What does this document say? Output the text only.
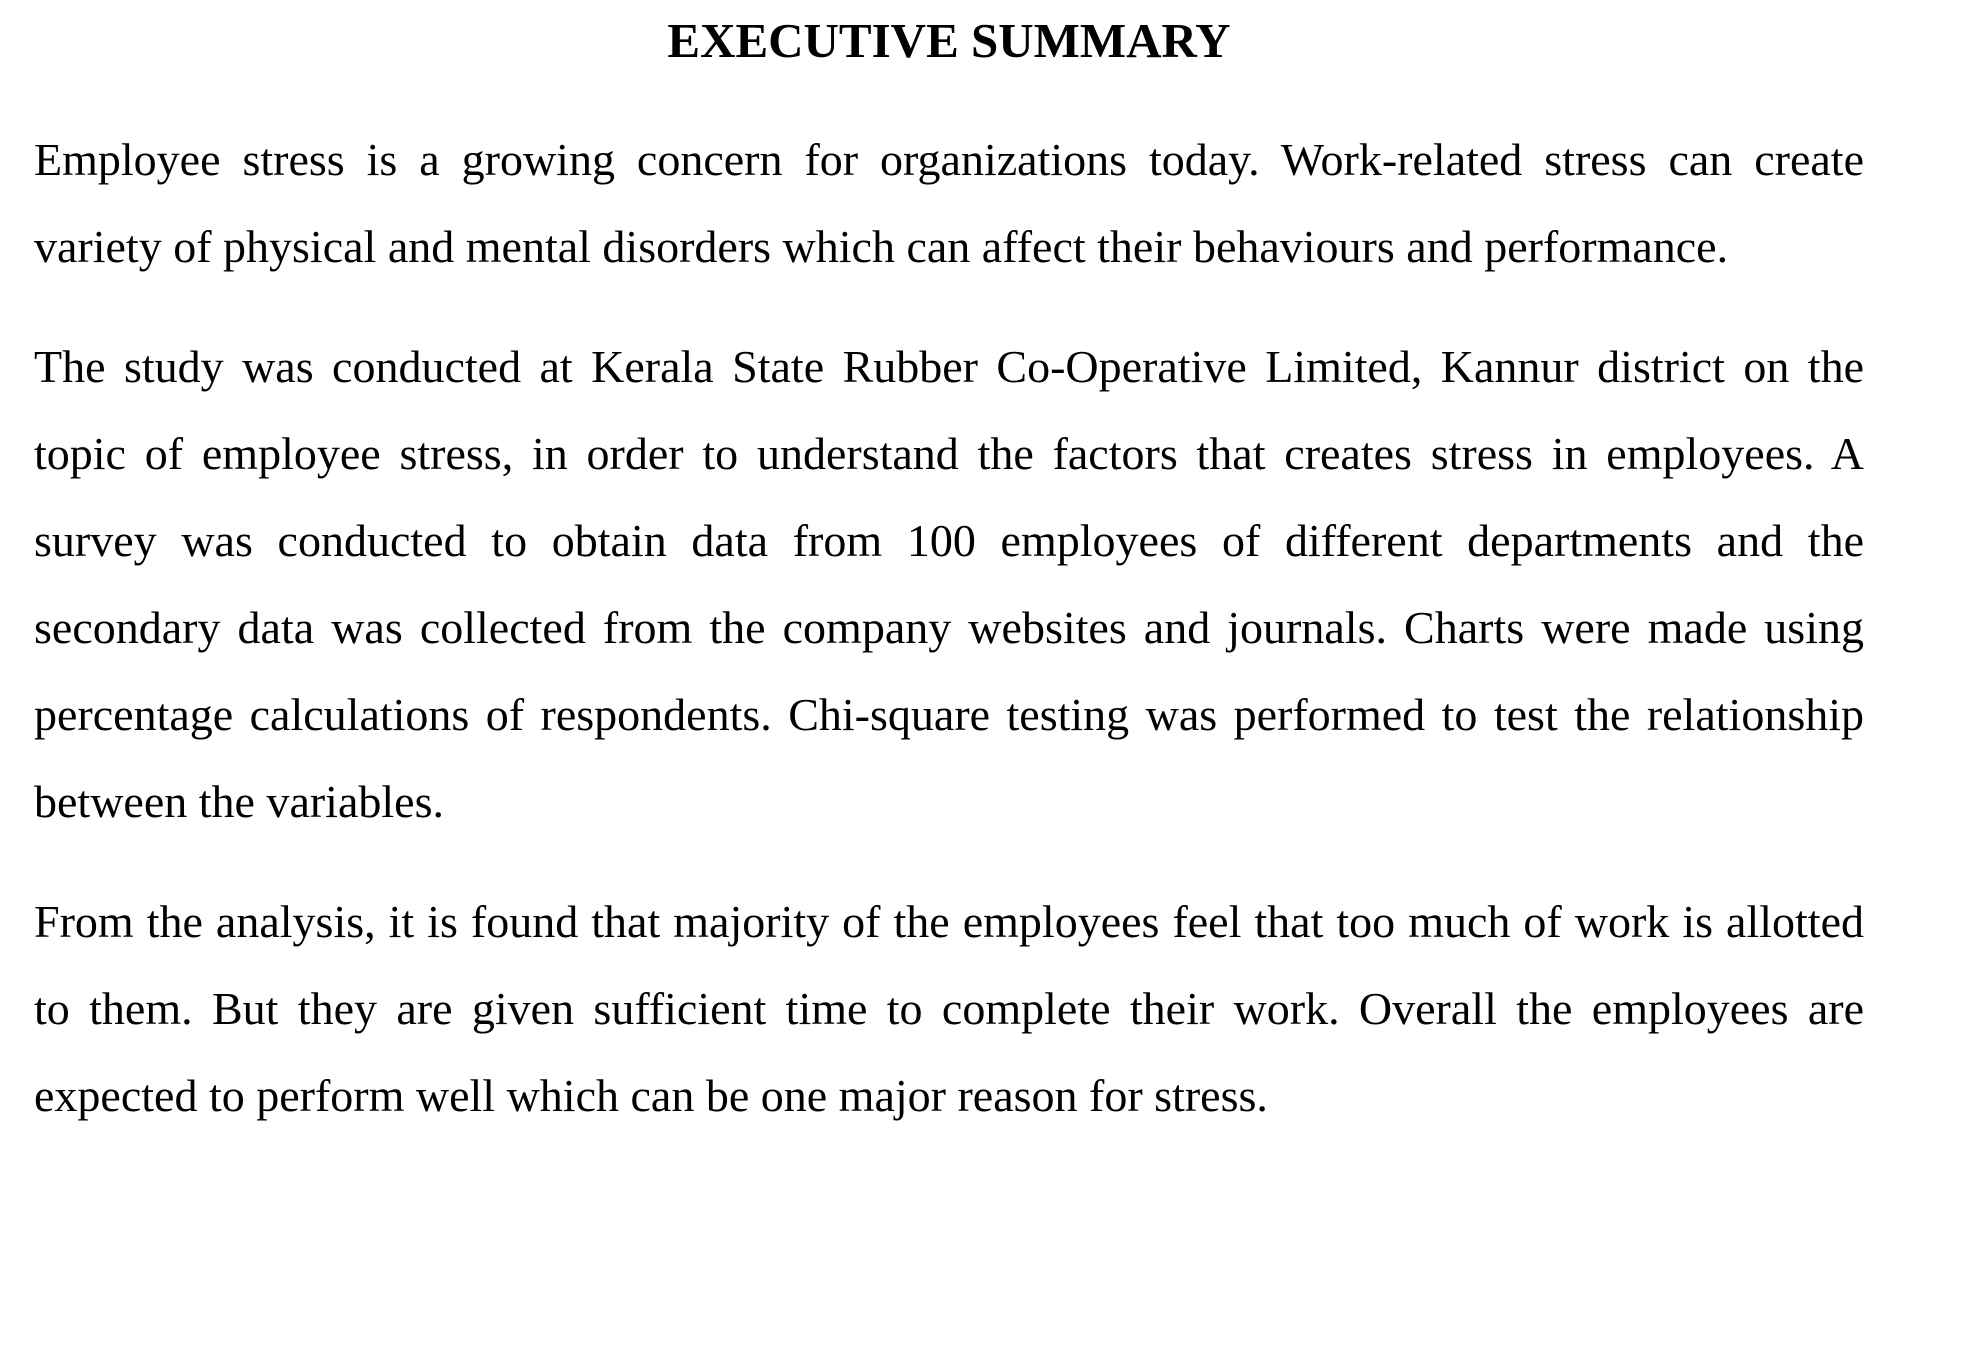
EXECUTIVE SUMMARY

Employee stress is a growing concern for organizations today. Work-related stress can create variety of physical and mental disorders which can affect their behaviours and performance.

The study was conducted at Kerala State Rubber Co-Operative Limited, Kannur district on the topic of employee stress, in order to understand the factors that creates stress in employees. A survey was conducted to obtain data from 100 employees of different departments and the secondary data was collected from the company websites and journals. Charts were made using percentage calculations of respondents. Chi-square testing was performed to test the relationship between the variables.

From the analysis, it is found that majority of the employees feel that too much of work is allotted to them. But they are given sufficient time to complete their work. Overall the employees are expected to perform well which can be one major reason for stress.
